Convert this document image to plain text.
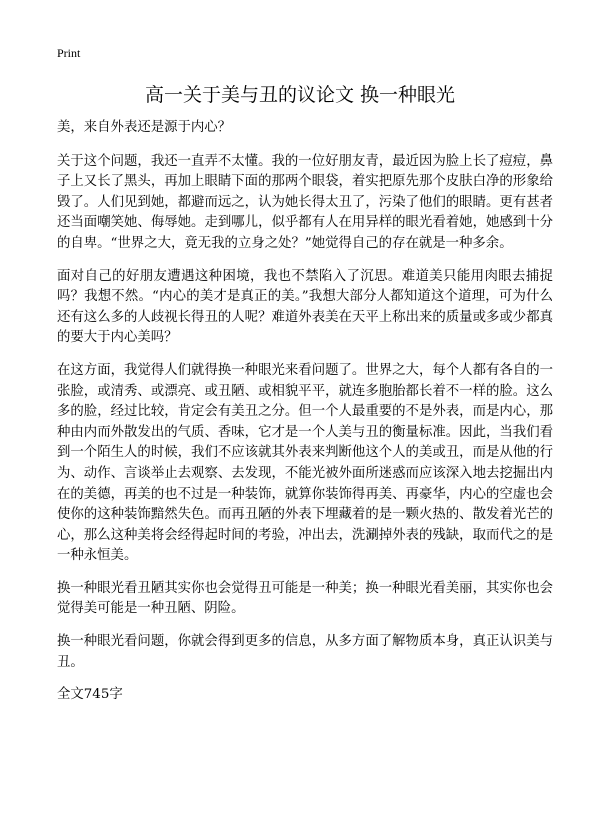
Print
高一关于美与丑的议论文 换一种眼光

美，来自外表还是源于内心？

关于这个问题，我还一直弄不太懂。我的一位好朋友青，最近因为脸上长了痘痘，鼻子上又长了黑头，再加上眼睛下面的那两个眼袋，着实把原先那个皮肤白净的形象给毁了。人们见到她，都避而远之，认为她长得太丑了，污染了他们的眼睛。更有甚者还当面嘲笑她、侮辱她。走到哪儿，似乎都有人在用异样的眼光看着她，她感到十分的自卑。“世界之大，竟无我的立身之处？”她觉得自己的存在就是一种多余。

面对自己的好朋友遭遇这种困境，我也不禁陷入了沉思。难道美只能用肉眼去捕捉吗？我想不然。“内心的美才是真正的美。”我想大部分人都知道这个道理，可为什么还有这么多的人歧视长得丑的人呢？难道外表美在天平上称出来的质量或多或少都真的要大于内心美吗？

在这方面，我觉得人们就得换一种眼光来看问题了。世界之大，每个人都有各自的一张脸，或清秀、或漂亮、或丑陋、或相貌平平，就连多胞胎都长着不一样的脸。这么多的脸，经过比较，肯定会有美丑之分。但一个人最重要的不是外表，而是内心，那种由内而外散发出的气质、香味，它才是一个人美与丑的衡量标准。因此，当我们看到一个陌生人的时候，我们不应该就其外表来判断他这个人的美或丑，而是从他的行为、动作、言谈举止去观察、去发现，不能光被外面所迷惑而应该深入地去挖掘出内在的美德，再美的也不过是一种装饰，就算你装饰得再美、再豪华，内心的空虚也会使你的这种装饰黯然失色。而再丑陋的外表下埋藏着的是一颗火热的、散发着光芒的心，那么这种美将会经得起时间的考验，冲出去，洗涮掉外表的残缺，取而代之的是一种永恒美。

换一种眼光看丑陋其实你也会觉得丑可能是一种美；换一种眼光看美丽，其实你也会觉得美可能是一种丑陋、阴险。

换一种眼光看问题，你就会得到更多的信息，从多方面了解物质本身，真正认识美与丑。

全文745字
